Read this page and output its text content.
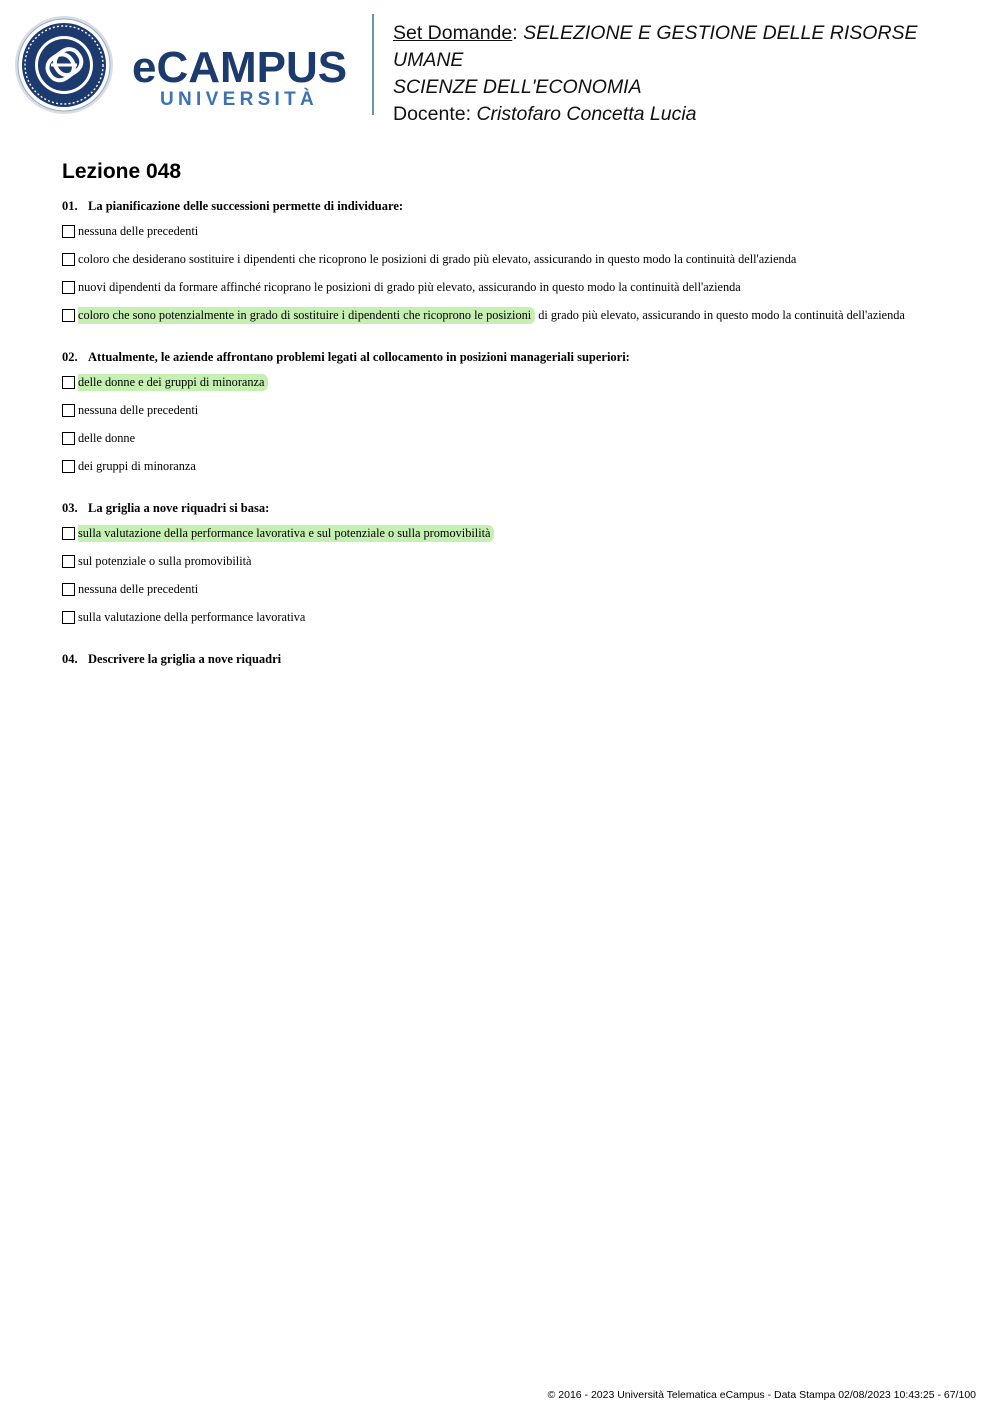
eCAMPUS
UNIVERSITÀ
Set Domande: SELEZIONE E GESTIONE DELLE RISORSE UMANE
SCIENZE DELL'ECONOMIA
Docente: Cristofaro Concetta Lucia
Lezione 048
01. La pianificazione delle successioni permette di individuare:
nessuna delle precedenti
coloro che desiderano sostituire i dipendenti che ricoprono le posizioni di grado più elevato, assicurando in questo modo la continuità dell'azienda
nuovi dipendenti da formare affinché ricoprano le posizioni di grado più elevato, assicurando in questo modo la continuità dell'azienda
coloro che sono potenzialmente in grado di sostituire i dipendenti che ricoprono le posizioni di grado più elevato, assicurando in questo modo la continuità dell'azienda
02. Attualmente, le aziende affrontano problemi legati al collocamento in posizioni manageriali superiori:
delle donne e dei gruppi di minoranza
nessuna delle precedenti
delle donne
dei gruppi di minoranza
03. La griglia a nove riquadri si basa:
sulla valutazione della performance lavorativa e sul potenziale o sulla promovibilità
sul potenziale o sulla promovibilità
nessuna delle precedenti
sulla valutazione della performance lavorativa
04. Descrivere la griglia a nove riquadri
© 2016 - 2023 Università Telematica eCampus - Data Stampa 02/08/2023 10:43:25 - 67/100
